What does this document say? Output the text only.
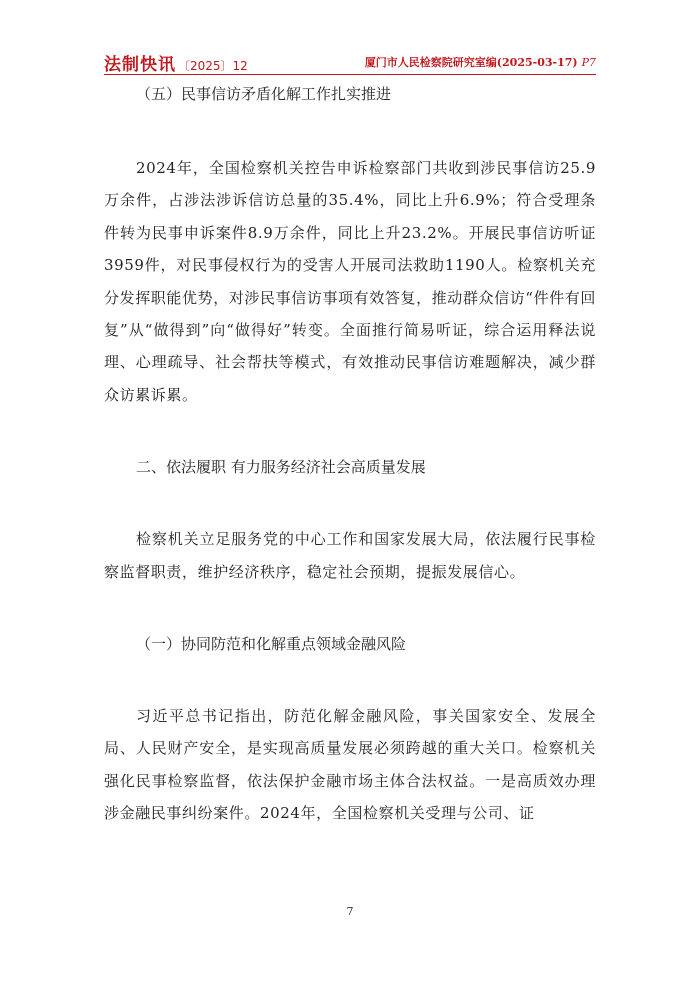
法制快讯 〔2025〕12	厦门市人民检察院研究室编(2025-03-17) P7

（五）民事信访矛盾化解工作扎实推进

2024年，全国检察机关控告申诉检察部门共收到涉民事信访25.9万余件，占涉法涉诉信访总量的35.4%，同比上升6.9%；符合受理条件转为民事申诉案件8.9万余件，同比上升23.2%。开展民事信访听证3959件，对民事侵权行为的受害人开展司法救助1190人。检察机关充分发挥职能优势，对涉民事信访事项有效答复，推动群众信访“件件有回复”从“做得到”向“做得好”转变。全面推行简易听证，综合运用释法说理、心理疏导、社会帮扶等模式，有效推动民事信访难题解决，减少群众访累诉累。

二、依法履职 有力服务经济社会高质量发展

检察机关立足服务党的中心工作和国家发展大局，依法履行民事检察监督职责，维护经济秩序，稳定社会预期，提振发展信心。

（一）协同防范和化解重点领域金融风险

习近平总书记指出，防范化解金融风险，事关国家安全、发展全局、人民财产安全，是实现高质量发展必须跨越的重大关口。检察机关强化民事检察监督，依法保护金融市场主体合法权益。一是高质效办理涉金融民事纠纷案件。2024年，全国检察机关受理与公司、证

7
